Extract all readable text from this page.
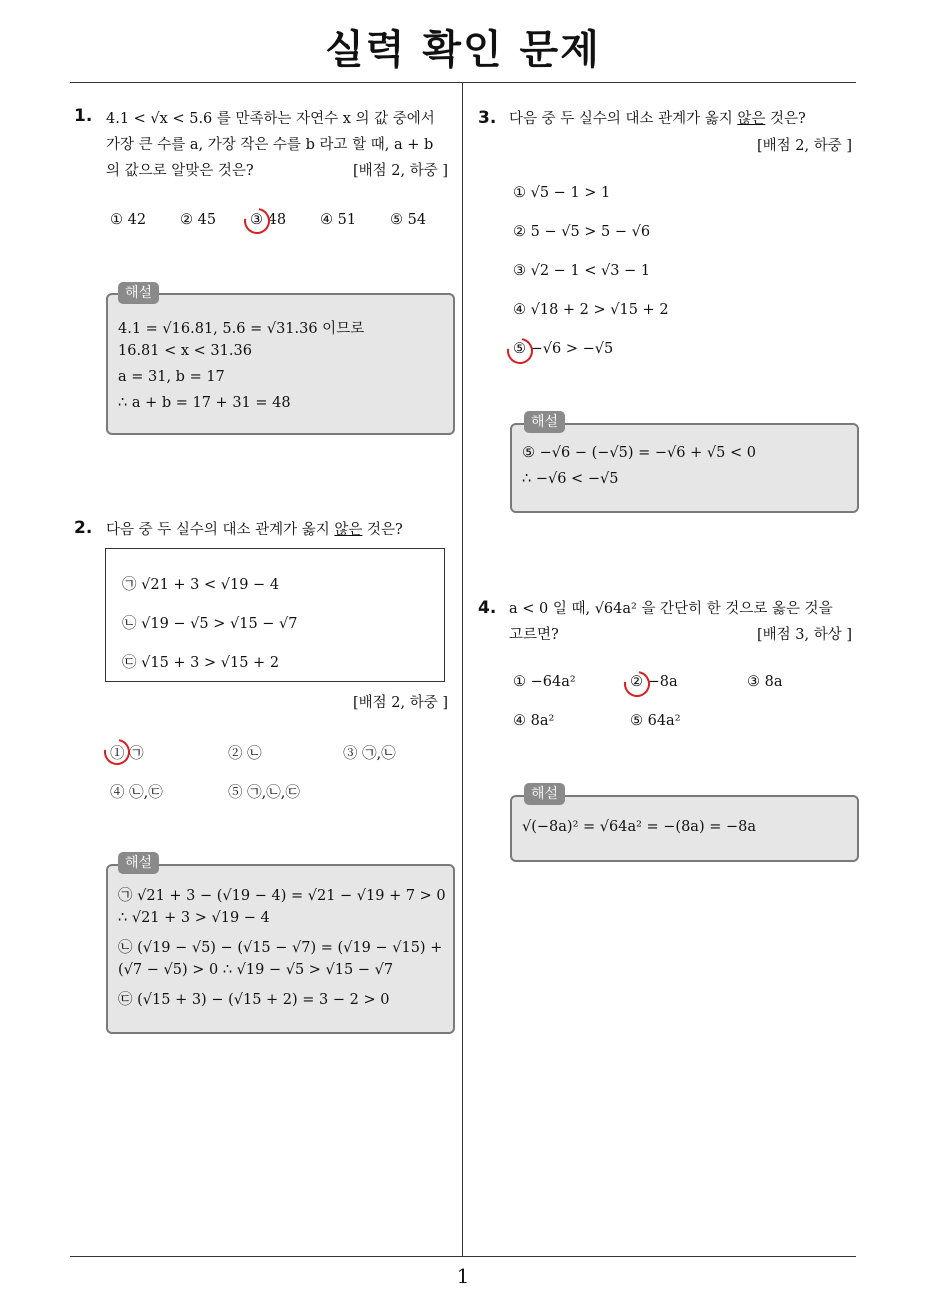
실력 확인 문제
1
1. 4.1 < √x < 5.6 를 만족하는 자연수 x 의 값 중에서
가장 큰 수를 a, 가장 작은 수를 b 라고 할 때, a + b
의 값으로 알맞은 것은?	[배점 2, 하중 ]
① 42 ② 45 ③ 48 ④ 51 ⑤ 54
4.1 = √16.81, 5.6 = √31.36 이므로
16.81 < x < 31.36
a = 31, b = 17
∴ a + b = 17 + 31 = 48
해설
2. 다음 중 두 실수의 대소 관계가 옳지 않은 것은?
㉠ √21 + 3 < √19 − 4
㉡ √19 − √5 > √15 − √7
㉢ √15 + 3 > √15 + 2
[배점 2, 하중 ]
① ㉠	② ㉡	③ ㉠,㉡
④ ㉡,㉢	⑤ ㉠,㉡,㉢
㉠ √21 + 3 − (√19 − 4) = √21 − √19 + 7 > 0
∴ √21 + 3 > √19 − 4
㉡ (√19 − √5) − (√15 − √7) = (√19 − √15) +
(√7 − √5) > 0 ∴ √19 − √5 > √15 − √7
㉢ (√15 + 3) − (√15 + 2) = 3 − 2 > 0
해설
3. 다음 중 두 실수의 대소 관계가 옳지 않은 것은?
[배점 2, 하중 ]
① √5 − 1 > 1
② 5 − √5 > 5 − √6
③ √2 − 1 < √3 − 1
④ √18 + 2 > √15 + 2
⑤ −√6 > −√5
⑤ −√6 − (−√5) = −√6 + √5 < 0
∴ −√6 < −√5
해설
4. a < 0 일 때, √64a² 을 간단히 한 것으로 옳은 것을
고르면?	[배점 3, 하상 ]
① −64a²	② −8a	③ 8a
④ 8a²	⑤ 64a²
√(−8a)² = √64a² = −(8a) = −8a
해설
